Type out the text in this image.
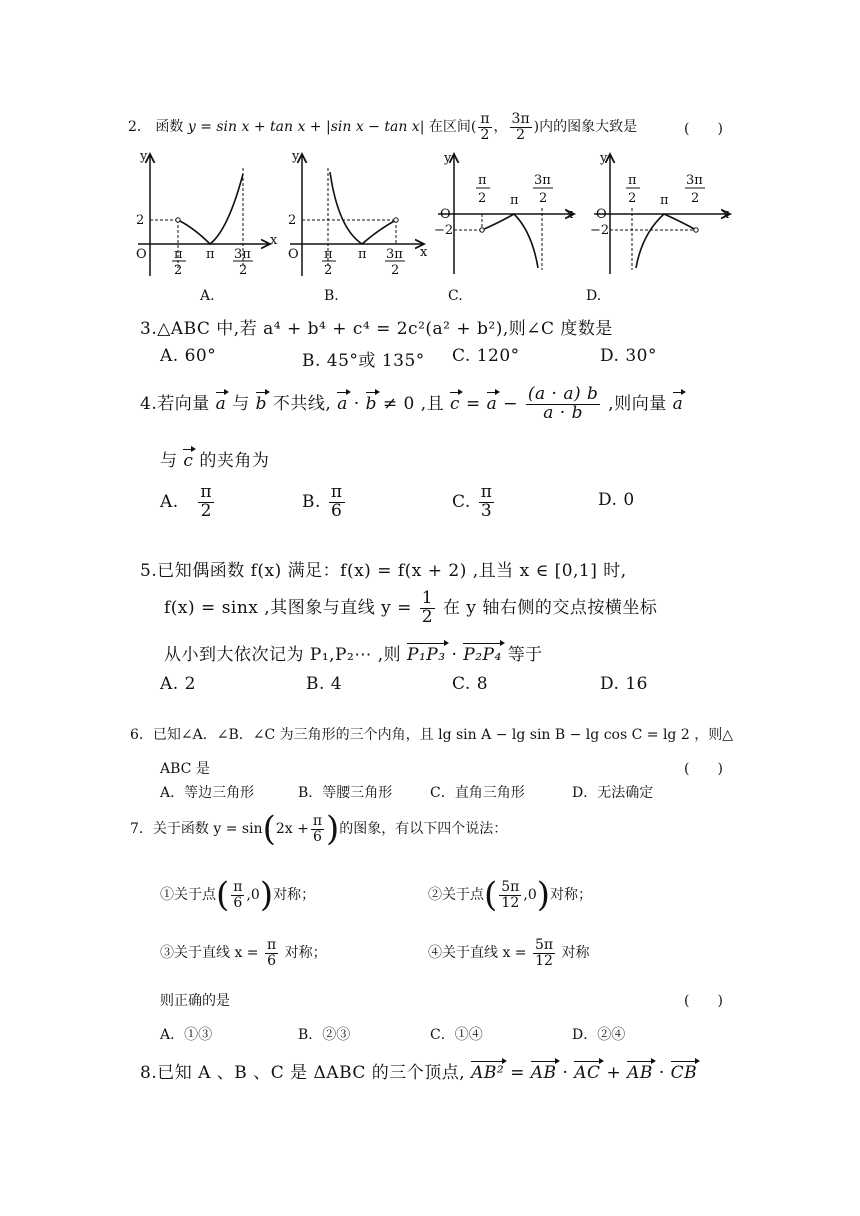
2． 函数 y = sin x + tan x + |sin x − tan x| 在区间( $\frac{\pi}{2}$ ， $\frac{3\pi}{2}$ )内的图象大致是	(　　)
y
x
O
2
π
2
π 3π
2
y
x
O
2
π
2
π 3π
2
y
x
O
−2
π
2 π
3π
2
y
x
O
−2
π
2 π
3π
2
A.	B.	C.	D.
3.△ABC 中,若 a⁴ + b⁴ + c⁴ = 2c²(a² + b²),则∠C 度数是
A. 60°	B. 45°或 135° C. 120°	D. 30°
4.若向量 a 与 b 不共线, a · b ≠ 0 ,且 $c = a - \frac{(a \cdot a) b}{a \cdot b}$ ,则向量 a
与 c 的夹角为
A. $\frac{\pi}{2}$	B. $\frac{\pi}{6}$	C. $\frac{\pi}{3}$	D. 0
5.已知偶函数 f(x) 满足：f(x) = f(x + 2) ,且当 x ∈ [0,1] 时,
f(x) = sinx ,其图象与直线 $y = \frac{1}{2}$ 在 y 轴右侧的交点按横坐标
从小到大依次记为 P₁,P₂⋯ ,则 P₁P₃ · P₂P₄ 等于
A. 2	B. 4	C. 8	D. 16
6．已知∠A．∠B．∠C 为三角形的三个内角，且 lg sin A − lg sin B − lg cos C = lg 2 ，则△
ABC 是	(　　)
A．等边三角形	B．等腰三角形	C．直角三角形	D．无法确定
7．关于函数 $y = \sin(2x + \frac{\pi}{6}$ )的图象，有以下四个说法：
①关于点( $\frac{\pi}{6} ,0$)对称；	②关于点( $\frac{5\pi}{12} ,0$)对称；
③关于直线 $x = \frac{\pi}{6}$ 对称；	④关于直线 $x = \frac{5\pi}{12}$ 对称
则正确的是	(　　)
A．①③	B．②③	C．①④	D．②④
8.已知 A 、B 、C 是 ΔABC 的三个顶点, AB² = AB · AC + AB · CB
